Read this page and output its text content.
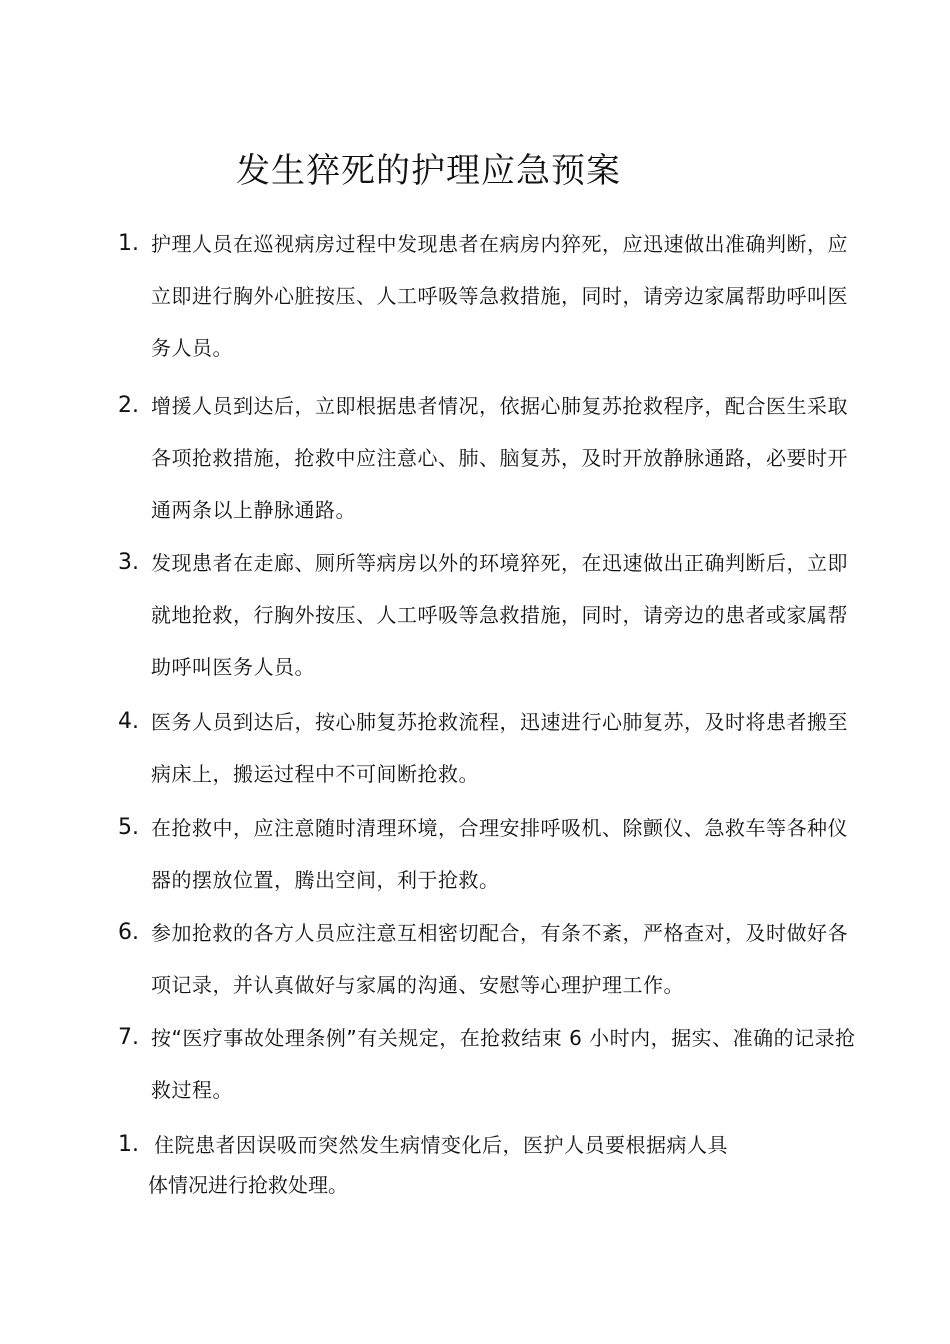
发生猝死的护理应急预案
1. 护理人员在巡视病房过程中发现患者在病房内猝死，应迅速做出准确判断，应立即进行胸外心脏按压、人工呼吸等急救措施，同时，请旁边家属帮助呼叫医务人员。
2. 增援人员到达后，立即根据患者情况，依据心肺复苏抢救程序，配合医生采取各项抢救措施，抢救中应注意心、肺、脑复苏，及时开放静脉通路，必要时开通两条以上静脉通路。
3. 发现患者在走廊、厕所等病房以外的环境猝死，在迅速做出正确判断后，立即就地抢救，行胸外按压、人工呼吸等急救措施，同时，请旁边的患者或家属帮助呼叫医务人员。
4. 医务人员到达后，按心肺复苏抢救流程，迅速进行心肺复苏，及时将患者搬至病床上，搬运过程中不可间断抢救。
5. 在抢救中，应注意随时清理环境，合理安排呼吸机、除颤仪、急救车等各种仪器的摆放位置，腾出空间，利于抢救。
6. 参加抢救的各方人员应注意互相密切配合，有条不紊，严格查对，及时做好各项记录，并认真做好与家属的沟通、安慰等心理护理工作。
7. 按“医疗事故处理条例”有关规定，在抢救结束 6 小时内，据实、准确的记录抢救过程。
1. 住院患者因误吸而突然发生病情变化后，医护人员要根据病人具
体情况进行抢救处理。
